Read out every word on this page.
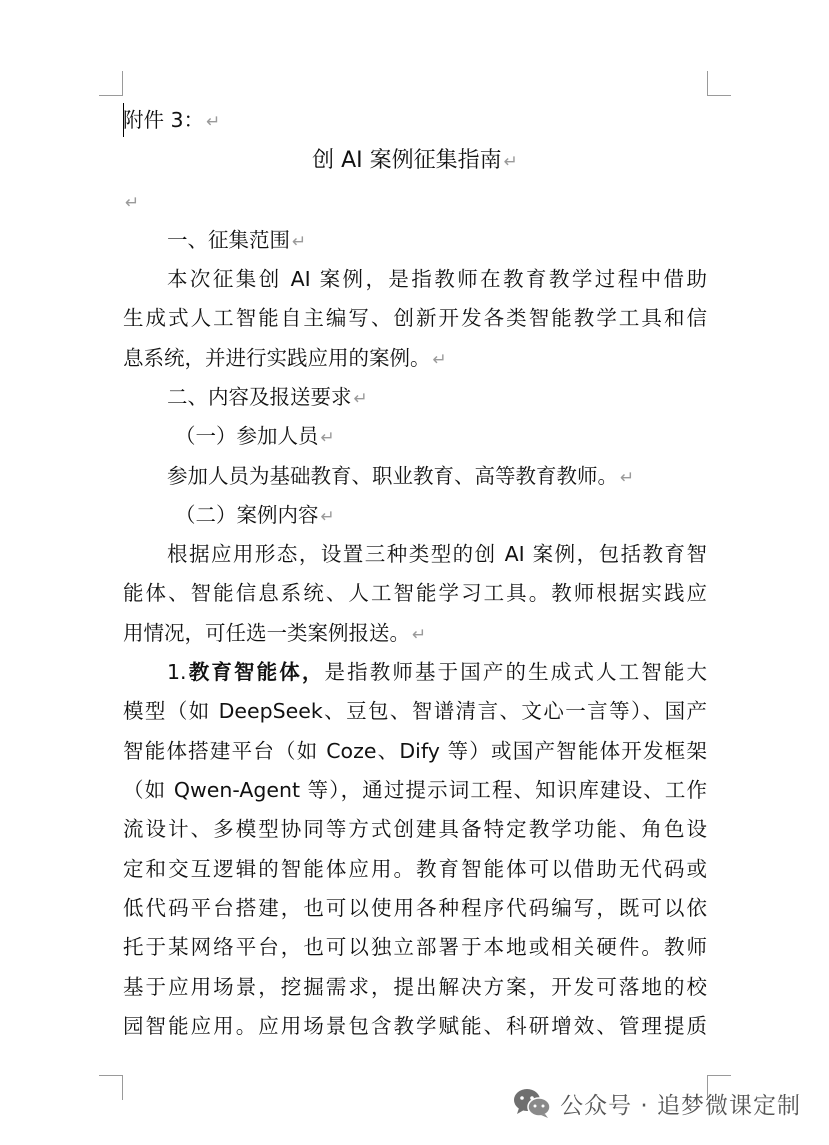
附件 3： ↵
创 AI 案例征集指南 ↵
↵
一、征集范围 ↵
本次征集创 AI 案例，是指教师在教育教学过程中借助
生成式人工智能自主编写、创新开发各类智能教学工具和信
息系统，并进行实践应用的案例。 ↵
二、内容及报送要求 ↵
（一）参加人员 ↵
参加人员为基础教育、职业教育、高等教育教师。 ↵
（二）案例内容 ↵
根据应用形态，设置三种类型的创 AI 案例，包括教育智
能体、智能信息系统、人工智能学习工具。教师根据实践应
用情况，可任选一类案例报送。 ↵
1.教育智能体，是指教师基于国产的生成式人工智能大
模型（如 DeepSeek、豆包、智谱清言、文心一言等）、国产
智能体搭建平台（如 Coze、Dify 等）或国产智能体开发框架
（如 Qwen-Agent 等），通过提示词工程、知识库建设、工作
流设计、多模型协同等方式创建具备特定教学功能、角色设
定和交互逻辑的智能体应用。教育智能体可以借助无代码或
低代码平台搭建，也可以使用各种程序代码编写，既可以依
托于某网络平台，也可以独立部署于本地或相关硬件。教师
基于应用场景，挖掘需求，提出解决方案，开发可落地的校
园智能应用。应用场景包含教学赋能、科研增效、管理提质
公众号 · 追梦微课定制
